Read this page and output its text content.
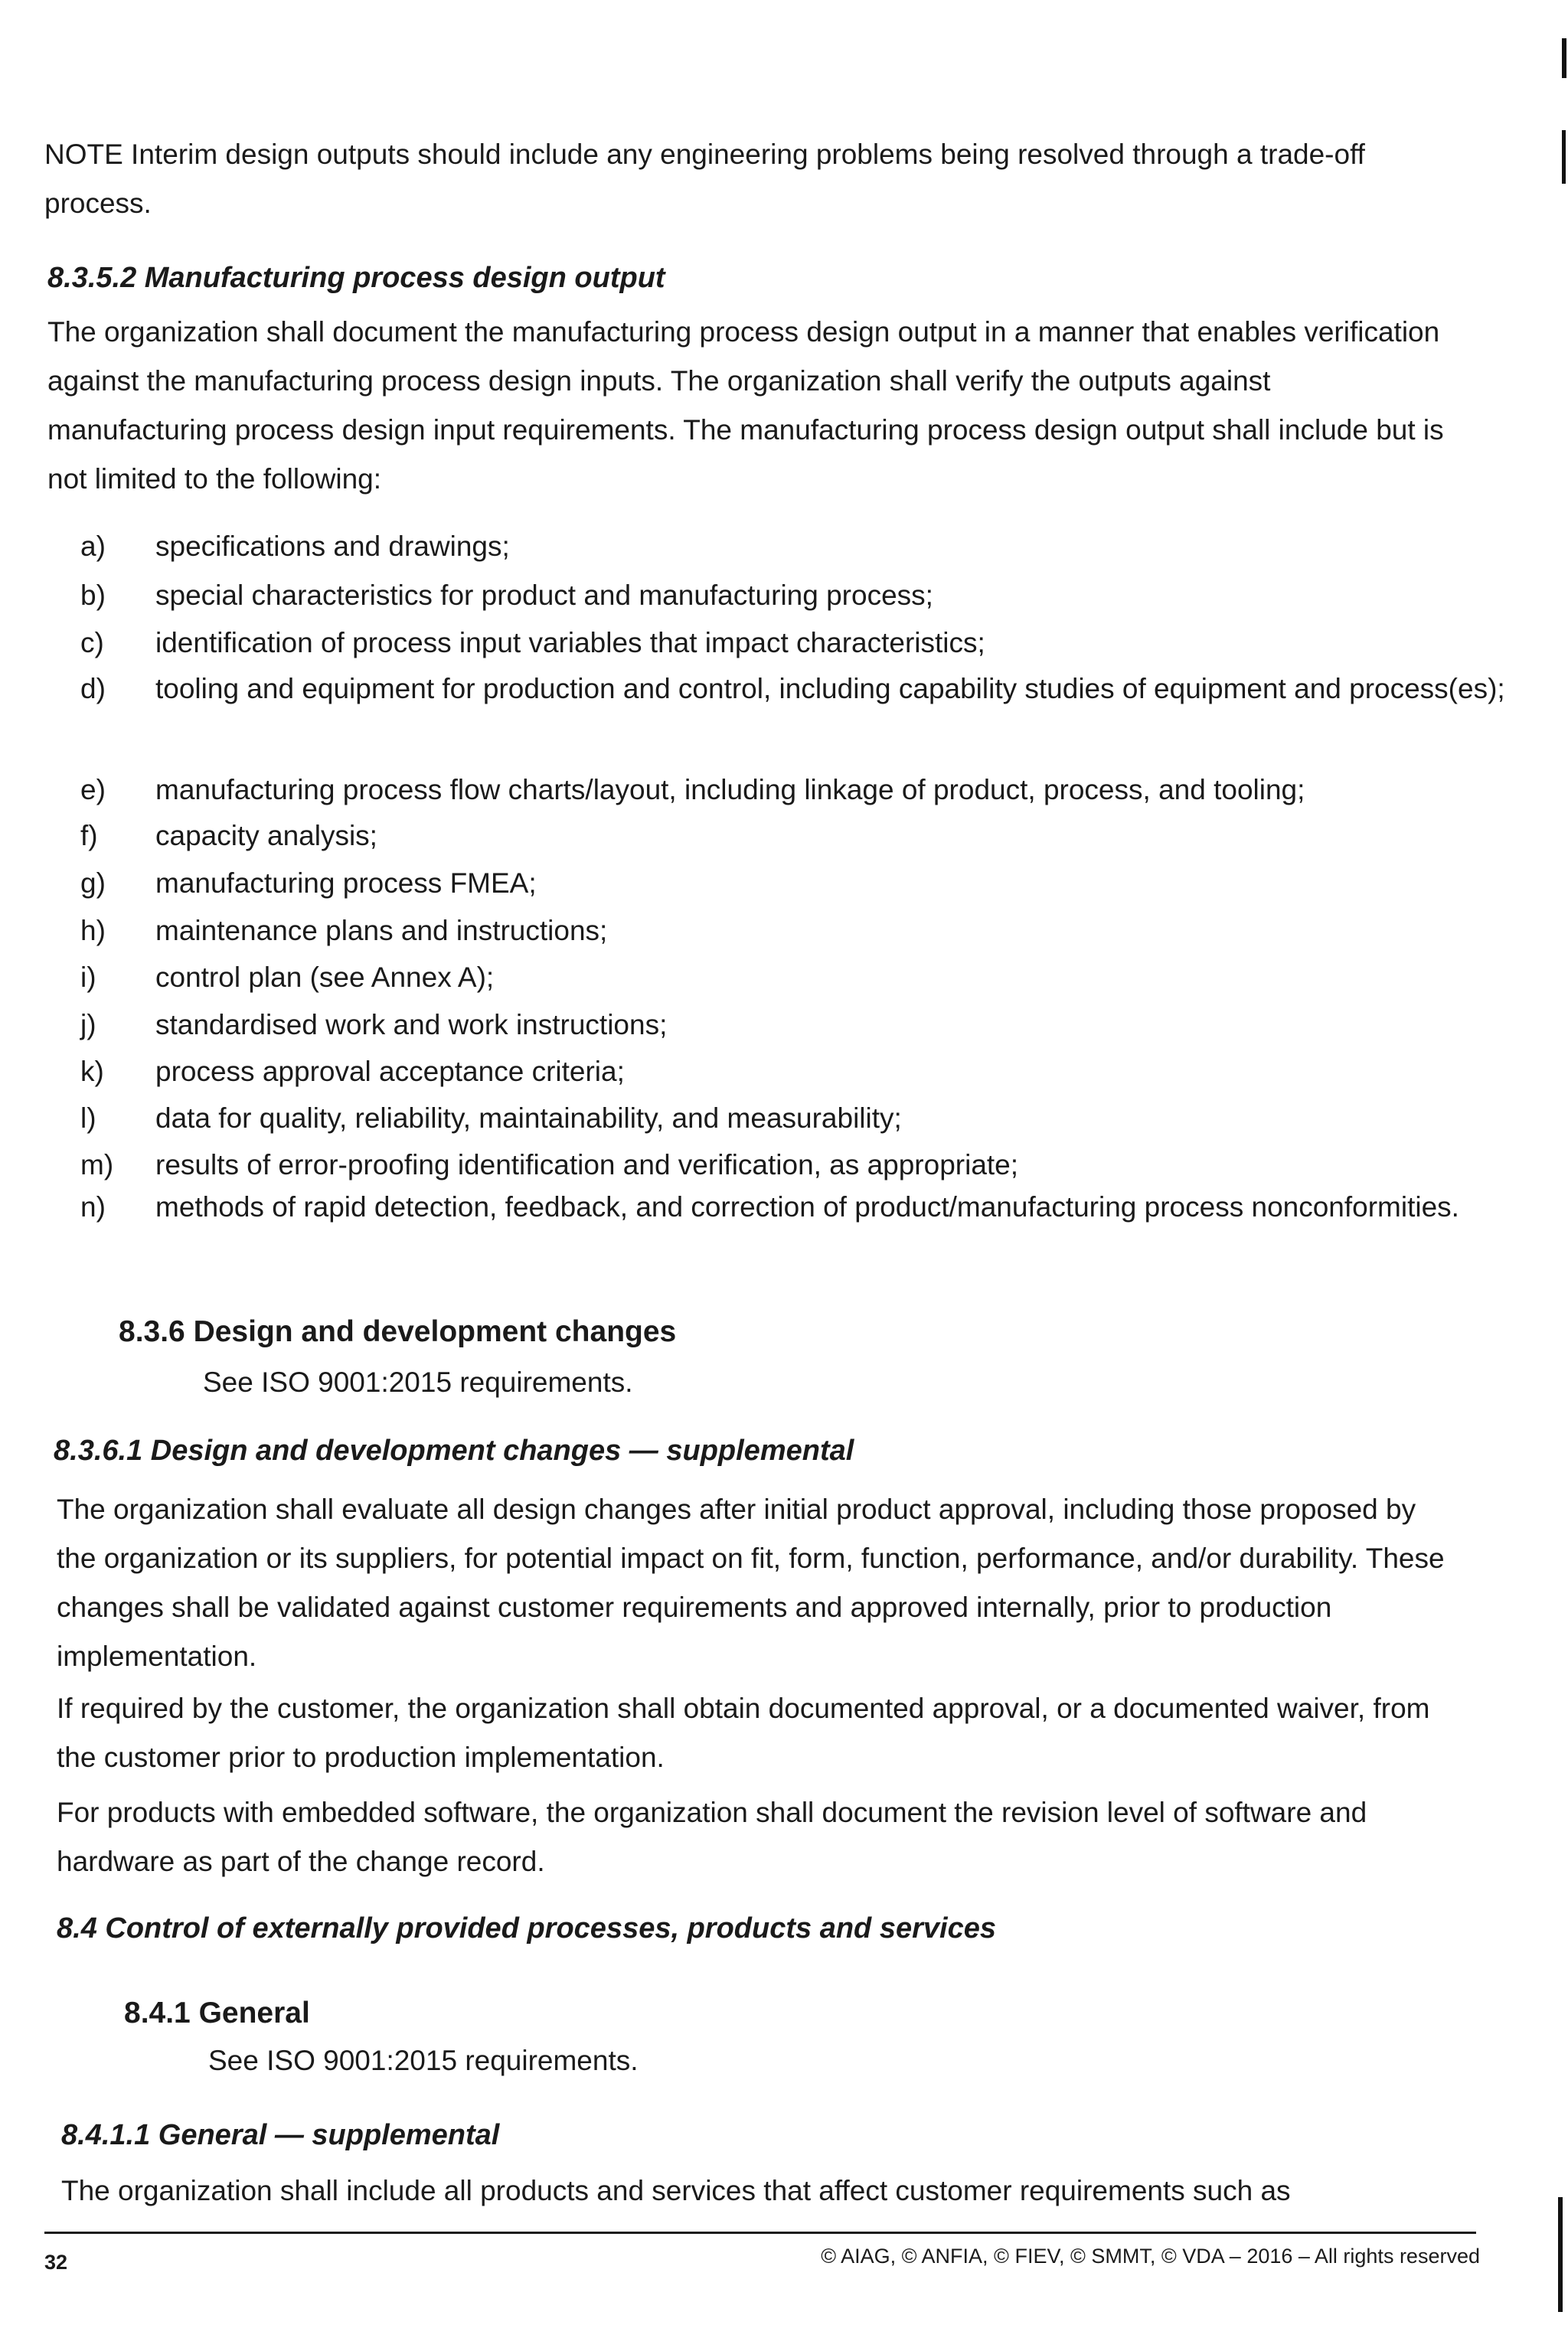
NOTE Interim design outputs should include any engineering problems being resolved through a trade-off process.
8.3.5.2 Manufacturing process design output
The organization shall document the manufacturing process design output in a manner that enables verification against the manufacturing process design inputs. The organization shall verify the outputs against manufacturing process design input requirements. The manufacturing process design output shall include but is not limited to the following:
a)	specifications and drawings;
b)	special characteristics for product and manufacturing process;
c)	identification of process input variables that impact characteristics;
d)	tooling and equipment for production and control, including capability studies of equipment and process(es);
e)	manufacturing process flow charts/layout, including linkage of product, process, and tooling;
f)	capacity analysis;
g)	manufacturing process FMEA;
h)	maintenance plans and instructions;
i)	control plan (see Annex A);
j)	standardised work and work instructions;
k)	process approval acceptance criteria;
l)	data for quality, reliability, maintainability, and measurability;
m)	results of error-proofing identification and verification, as appropriate;
n)	methods of rapid detection, feedback, and correction of product/manufacturing process nonconformities.
8.3.6 Design and development changes
See ISO 9001:2015 requirements.
8.3.6.1 Design and development changes — supplemental
The organization shall evaluate all design changes after initial product approval, including those proposed by the organization or its suppliers, for potential impact on fit, form, function, performance, and/or durability. These changes shall be validated against customer requirements and approved internally, prior to production implementation.
If required by the customer, the organization shall obtain documented approval, or a documented waiver, from the customer prior to production implementation.
For products with embedded software, the organization shall document the revision level of software and hardware as part of the change record.
8.4 Control of externally provided processes, products and services
8.4.1 General
See ISO 9001:2015 requirements.
8.4.1.1 General — supplemental
The organization shall include all products and services that affect customer requirements such as
32	© AIAG, © ANFIA, © FIEV, © SMMT, © VDA – 2016 – All rights reserved
